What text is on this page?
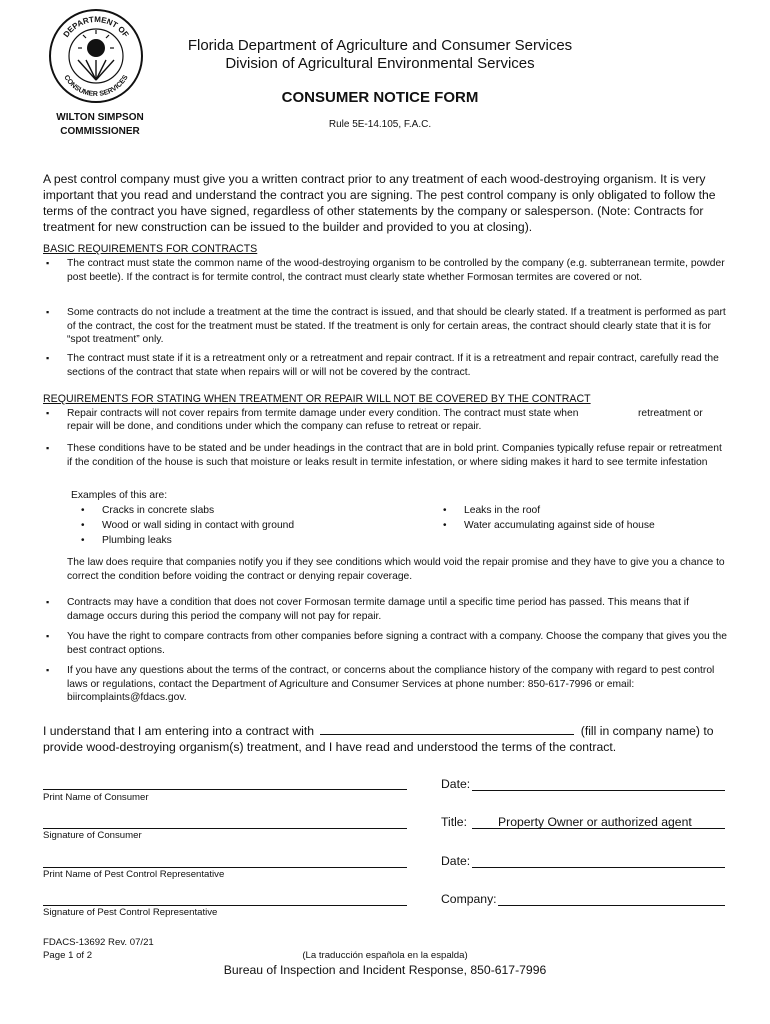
DEPARTMENT OF
CONSUMER SERVICES
WILTON SIMPSON
COMMISSIONER
Florida Department of Agriculture and Consumer Services
Division of Agricultural Environmental Services
CONSUMER NOTICE FORM
Rule 5E-14.105, F.A.C.
A pest control company must give you a written contract prior to any treatment of each wood-destroying organism. It is very important that you read and understand the contract you are signing. The pest control company is only obligated to follow the terms of the contract you have signed, regardless of other statements by the company or salesperson. (Note: Contracts for treatment for new construction can be issued to the builder and provided to you at closing).
BASIC REQUIREMENTS FOR CONTRACTS
▪ The contract must state the common name of the wood-destroying organism to be controlled by the company (e.g. subterranean termite, powder post beetle). If the contract is for termite control, the contract must clearly state whether Formosan termites are covered or not.
▪ Some contracts do not include a treatment at the time the contract is issued, and that should be clearly stated. If a treatment is performed as part of the contract, the cost for the treatment must be stated. If the treatment is only for certain areas, the contract should clearly state that it is for “spot treatment” only.
▪ The contract must state if it is a retreatment only or a retreatment and repair contract. If it is a retreatment and repair contract, carefully read the sections of the contract that state when repairs will or will not be covered by the contract.
REQUIREMENTS FOR STATING WHEN TREATMENT OR REPAIR WILL NOT BE COVERED BY THE CONTRACT
▪ Repair contracts will not cover repairs from termite damage under every condition. The contract must state when	retreatment or
repair will be done, and conditions under which the company can refuse to retreat or repair.
▪ These conditions have to be stated and be under headings in the contract that are in bold print. Companies typically refuse repair or retreatment if the condition of the house is such that moisture or leaks result in termite infestation, or where siding makes it hard to see termite infestation
Examples of this are:
• Cracks in concrete slabs
• Wood or wall siding in contact with ground
• Plumbing leaks
• Leaks in the roof
• Water accumulating against side of house
The law does require that companies notify you if they see conditions which would void the repair promise and they have to give you a chance to correct the condition before voiding the contract or denying repair coverage.
▪ Contracts may have a condition that does not cover Formosan termite damage until a specific time period has passed. This means that if damage occurs during this period the company will not pay for repair.
▪ You have the right to compare contracts from other companies before signing a contract with a company. Choose the company that gives you the best contract options.
▪ If you have any questions about the terms of the contract, or concerns about the compliance history of the company with regard to pest control laws or regulations, contact the Department of Agriculture and Consumer Services at phone number: 850-617-7996 or email: biircomplaints@fdacs.gov.
I understand that I am entering into a contract with	(fill in company name) to
provide wood-destroying organism(s) treatment, and I have read and understood the terms of the contract.
Print Name of Consumer
Signature of Consumer
Print Name of Pest Control Representative
Signature of Pest Control Representative
Date:
Title:	Property Owner or authorized agent
Date:
Company:
FDACS-13692 Rev. 07/21
Page 1 of 2	(La traducción española en la espalda)
Bureau of Inspection and Incident Response, 850-617-7996
